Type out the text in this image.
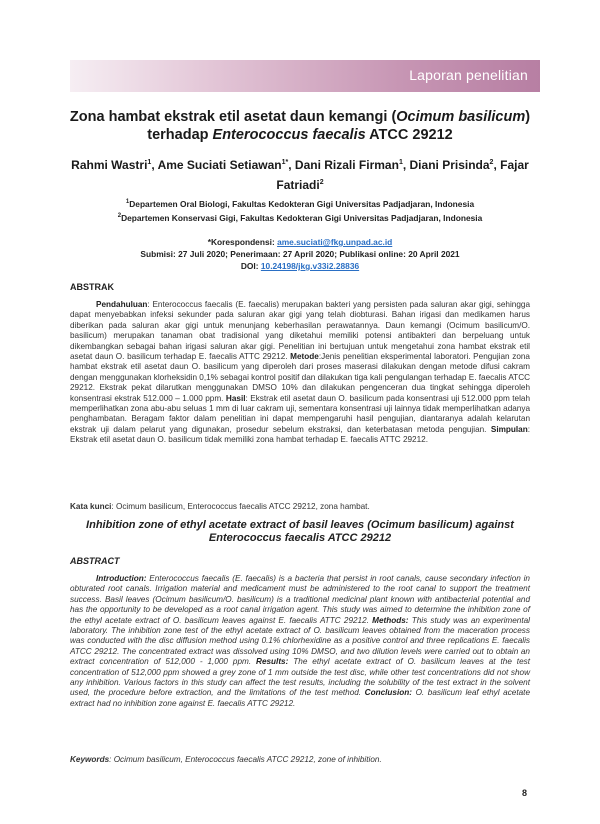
Laporan penelitian
Zona hambat ekstrak etil asetat daun kemangi (Ocimum basilicum) terhadap Enterococcus faecalis ATCC 29212
Rahmi Wastri$^1$, Ame Suciati Setiawan$^{1*}$, Dani Rizali Firman$^1$, Diani Prisinda$^2$, Fajar Fatriadi$^2$
$^1$Departemen Oral Biologi, Fakultas Kedokteran Gigi Universitas Padjadjaran, Indonesia
$^2$Departemen Konservasi Gigi, Fakultas Kedokteran Gigi Universitas Padjadjaran, Indonesia
*Korespondensi: ame.suciati@fkg.unpad.ac.id
Submisi: 27 Juli 2020; Penerimaan: 27 April 2020; Publikasi online: 20 April 2021
DOI: 10.24198/jkg.v33i2.28836
ABSTRAK
Pendahuluan: Enterococcus faecalis (E. faecalis) merupakan bakteri yang persisten pada saluran akar gigi, sehingga dapat menyebabkan infeksi sekunder pada saluran akar gigi yang telah diobturasi. Bahan irigasi dan medikamen harus diberikan pada saluran akar gigi untuk menunjang keberhasilan perawatannya. Daun kemangi (Ocimum basilicum/O. basilicum) merupakan tanaman obat tradisional yang diketahui memiliki potensi antibakteri dan berpeluang untuk dikembangkan sebagai bahan irigasi saluran akar gigi. Penelitian ini bertujuan untuk mengetahui zona hambat ekstrak etil asetat daun O. basilicum terhadap E. faecalis ATTC 29212. Metode:Jenis penelitian eksperimental laboratori. Pengujian zona hambat ekstrak etil asetat daun O. basilicum yang diperoleh dari proses maserasi dilakukan dengan metode difusi cakram dengan menggunakan klorheksidin 0,1% sebagai kontrol positif dan dilakukan tiga kali pengulangan terhadap E. faecalis ATCC 29212. Ekstrak pekat dilarutkan menggunakan DMSO 10% dan dilakukan pengenceran dua tingkat sehingga diperoleh konsentrasi ekstrak 512.000 – 1.000 ppm. Hasil: Ekstrak etil asetat daun O. basilicum pada konsentrasi uji 512.000 ppm telah memperlihatkan zona abu-abu seluas 1 mm di luar cakram uji, sementara konsentrasi uji lainnya tidak memperlihatkan adanya penghambatan. Beragam faktor dalam penelitian ini dapat mempengaruhi hasil pengujian, diantaranya adalah kelarutan ekstrak uji dalam pelarut yang digunakan, prosedur sebelum ekstraksi, dan keterbatasan metoda pengujian. Simpulan: Ekstrak etil asetat daun O. basilicum tidak memiliki zona hambat terhadap E. faecalis ATTC 29212.
Kata kunci: Ocimum basilicum, Enterococcus faecalis ATCC 29212, zona hambat.
Inhibition zone of ethyl acetate extract of basil leaves (Ocimum basilicum) against Enterococcus faecalis ATCC 29212
ABSTRACT
Introduction: Enterococcus faecalis (E. faecalis) is a bacteria that persist in root canals, cause secondary infection in obturated root canals. Irrigation material and medicament must be administered to the root canal to support the treatment success. Basil leaves (Ocimum basilicum/O. basilicum) is a traditional medicinal plant known with antibacterial potential and has the opportunity to be developed as a root canal irrigation agent. This study was aimed to determine the inhibition zone of the ethyl acetate extract of O. basilicum leaves against E. faecalis ATTC 29212. Methods: This study was an experimental laboratory. The inhibition zone test of the ethyl acetate extract of O. basilicum leaves obtained from the maceration process was conducted with the disc diffusion method using 0.1% chlorhexidine as a positive control and three replications E. faecalis ATCC 29212. The concentrated extract was dissolved using 10% DMSO, and two dilution levels were carried out to obtain an extract concentration of 512,000 - 1,000 ppm. Results: The ethyl acetate extract of O. basilicum leaves at the test concentration of 512,000 ppm showed a grey zone of 1 mm outside the test disc, while other test concentrations did not show any inhibition. Various factors in this study can affect the test results, including the solubility of the test extract in the solvent used, the procedure before extraction, and the limitations of the test method. Conclusion: O. basilicum leaf ethyl acetate extract had no inhibition zone against E. faecalis ATTC 29212.
Keywords: Ocimum basilicum, Enterococcus faecalis ATCC 29212, zone of inhibition.
8
